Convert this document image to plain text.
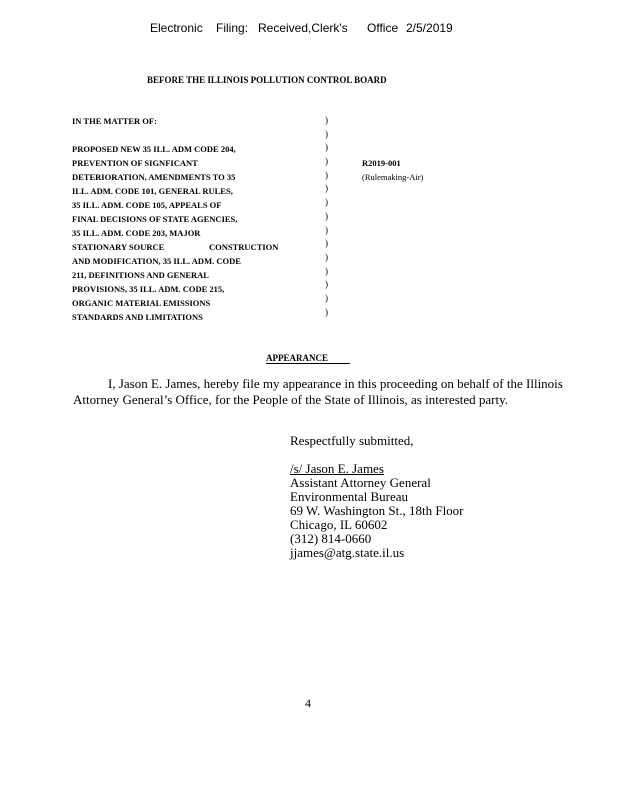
Electronic Filing: Received,Clerk's Office 2/5/2019
BEFORE THE ILLINOIS POLLUTION CONTROL BOARD
IN THE MATTER OF:
PROPOSED NEW 35 ILL. ADM CODE 204,
PREVENTION OF SIGNFICANT
DETERIORATION, AMENDMENTS TO 35
ILL. ADM. CODE 101, GENERAL RULES,
35 ILL. ADM. CODE 105, APPEALS OF
FINAL DECISIONS OF STATE AGENCIES,
35 ILL. ADM. CODE 203, MAJOR
STATIONARY SOURCE	CONSTRUCTION
AND MODIFICATION, 35 ILL. ADM. CODE
211, DEFINITIONS AND GENERAL
PROVISIONS, 35 ILL. ADM. CODE 215,
ORGANIC MATERIAL EMISSIONS
STANDARDS AND LIMITATIONS
)
)
)
)
)
)
)
)
)
)
)
)
)
)
)
R2019-001
(Rulemaking-Air)
APPEARANCE
I, Jason E. James, hereby file my appearance in this proceeding on behalf of the Illinois
Attorney General’s Office, for the People of the State of Illinois, as interested party.
Respectfully submitted,
/s/ Jason E. James
Assistant Attorney General
Environmental Bureau
69 W. Washington St., 18th Floor
Chicago, IL 60602
(312) 814-0660
jjames@atg.state.il.us
4
